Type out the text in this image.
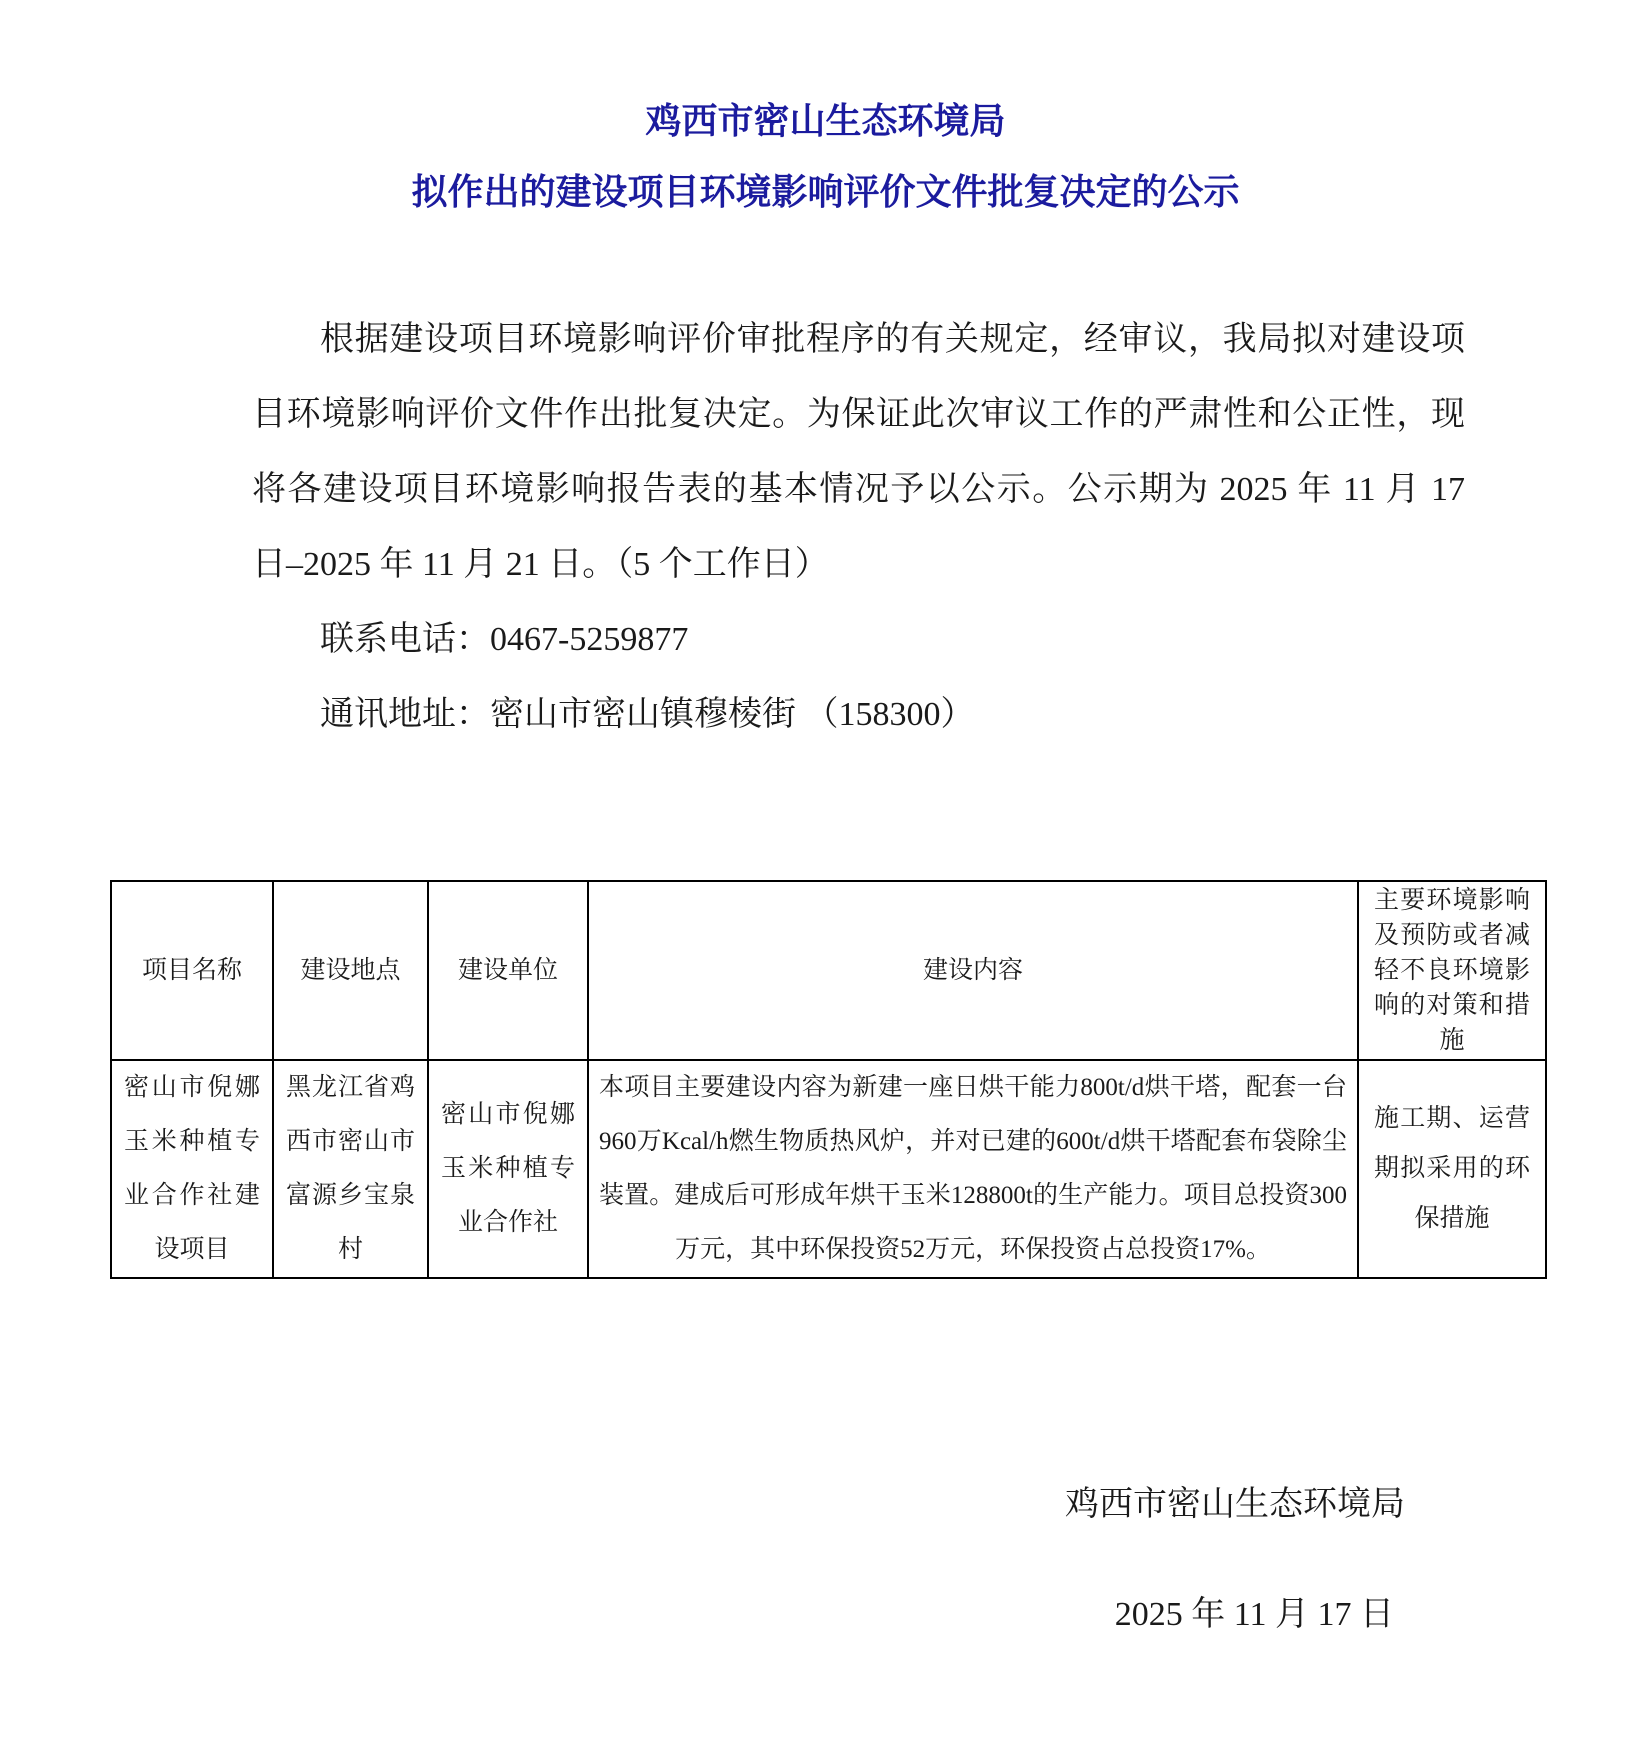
鸡西市密山生态环境局
拟作出的建设项目环境影响评价文件批复决定的公示

根据建设项目环境影响评价审批程序的有关规定，经审议，我局拟对建设项目环境影响评价文件作出批复决定。为保证此次审议工作的严肃性和公正性，现将各建设项目环境影响报告表的基本情况予以公示。公示期为 2025 年 11 月 17 日–2025 年 11 月 21 日。（5 个工作日）

联系电话：0467-5259877

通讯地址：密山市密山镇穆棱街 （158300）

项目名称	建设地点	建设单位	建设内容	主要环境影响及预防或者减轻不良环境影响的对策和措施
密山市倪娜玉米种植专业合作社建设项目	黑龙江省鸡西市密山市富源乡宝泉村	密山市倪娜玉米种植专业合作社	本项目主要建设内容为新建一座日烘干能力800t/d烘干塔，配套一台960万Kcal/h燃生物质热风炉，并对已建的600t/d烘干塔配套布袋除尘装置。建成后可形成年烘干玉米128800t的生产能力。项目总投资300万元，其中环保投资52万元，环保投资占总投资17%。	施工期、运营期拟采用的环保措施
鸡西市密山生态环境局
2025 年 11 月 17 日
